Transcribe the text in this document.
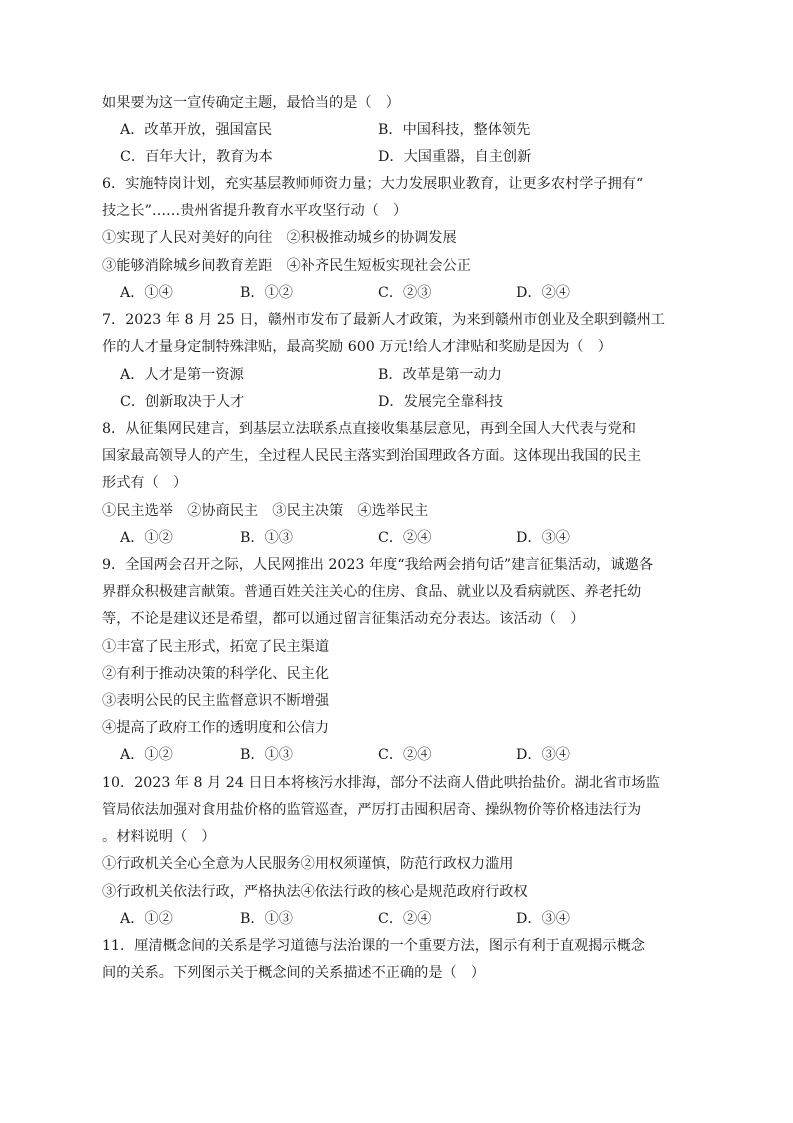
如果要为这一宣传确定主题，最恰当的是（　）
A．改革开放，强国富民	B．中国科技，整体领先
C．百年大计，教育为本	D．大国重器，自主创新
6．实施特岗计划，充实基层教师师资力量；大力发展职业教育，让更多农村学子拥有“
技之长”……贵州省提升教育水平攻坚行动（　）
①实现了人民对美好的向往　②积极推动城乡的协调发展
③能够消除城乡间教育差距　④补齐民生短板实现社会公正
A．①④	B．①②	C．②③	D．②④
7．2023 年 8 月 25 日，赣州市发布了最新人才政策，为来到赣州市创业及全职到赣州工
作的人才量身定制特殊津贴，最高奖励 600 万元!给人才津贴和奖励是因为（　）
A．人才是第一资源	B．改革是第一动力
C．创新取决于人才	D．发展完全靠科技
8．从征集网民建言，到基层立法联系点直接收集基层意见，再到全国人大代表与党和
国家最高领导人的产生，全过程人民民主落实到治国理政各方面。这体现出我国的民主
形式有（　）
①民主选举　②协商民主　③民主决策　④选举民主
A．①②	B．①③	C．②④	D．③④
9．全国两会召开之际，人民网推出 2023 年度“我给两会捎句话”建言征集活动，诚邀各
界群众积极建言献策。普通百姓关注关心的住房、食品、就业以及看病就医、养老托幼
等，不论是建议还是希望，都可以通过留言征集活动充分表达。该活动（　）
①丰富了民主形式，拓宽了民主渠道
②有利于推动决策的科学化、民主化
③表明公民的民主监督意识不断增强
④提高了政府工作的透明度和公信力
A．①②	B．①③	C．②④	D．③④
10．2023 年 8 月 24 日日本将核污水排海，部分不法商人借此哄抬盐价。湖北省市场监
管局依法加强对食用盐价格的监管巡查，严厉打击囤积居奇、操纵物价等价格违法行为
。材料说明（　）
①行政机关全心全意为人民服务②用权须谨慎，防范行政权力滥用
③行政机关依法行政，严格执法④依法行政的核心是规范政府行政权
A．①②	B．①③	C．②④	D．③④
11．厘清概念间的关系是学习道德与法治课的一个重要方法，图示有利于直观揭示概念
间的关系。下列图示关于概念间的关系描述不正确的是（　）
